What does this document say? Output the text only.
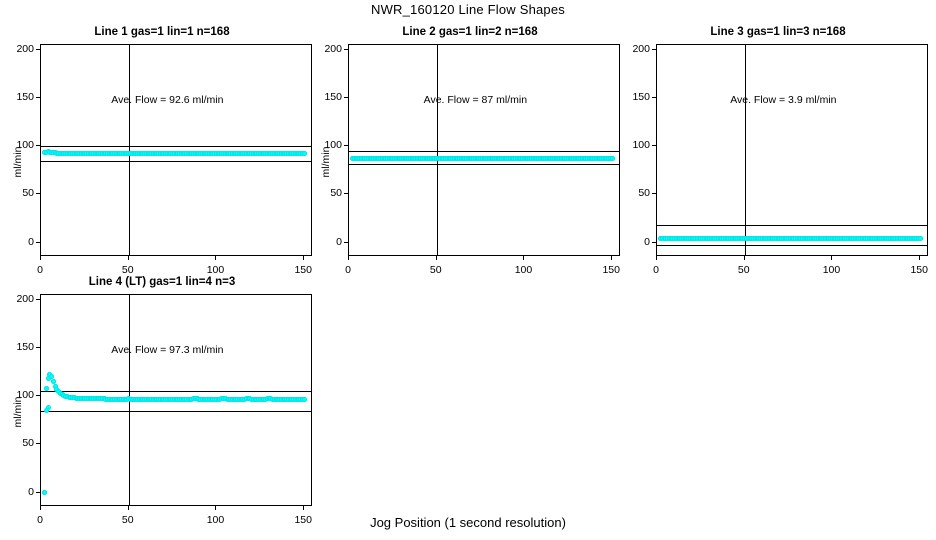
NWR_160120 Line Flow Shapes
Line 1 gas=1 lin=1 n=168
ml/min
Ave. Flow = 92.6 ml/min
0
50
100
150
200
0	50	100	150
Line 2 gas=1 lin=2 n=168
ml/min
Ave. Flow = 87 ml/min
0
50
100
150
200
0	50	100	150
Line 3 gas=1 lin=3 n=168
Ave. Flow = 3.9 ml/min
0
50
100
150
200
0	50	100	150
Line 4 (LT) gas=1 lin=4 n=3
ml/min
Ave. Flow = 97.3 ml/min
0
50
100
150
200
0	50	100	150	Jog Position (1 second resolution)
